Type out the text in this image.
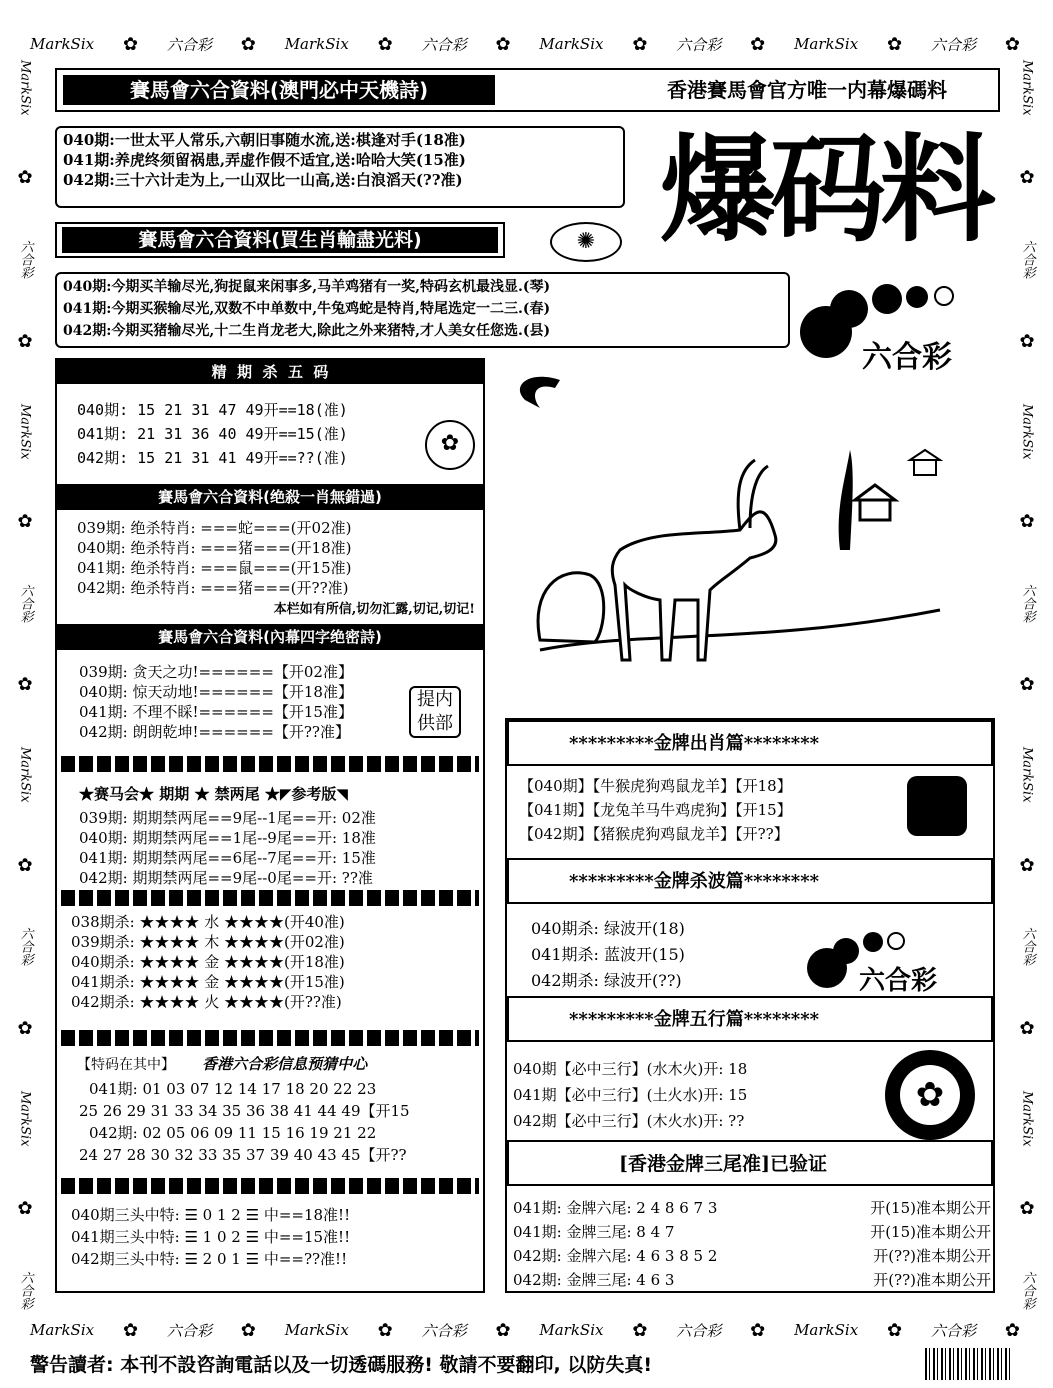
MarkSix ✿ 六合彩 ✿ MarkSix ✿ 六合彩 ✿ MarkSix ✿ 六合彩 ✿ MarkSix ✿ 六合彩 ✿
MarkSix ✿ 六合彩 ✿ MarkSix ✿ 六合彩 ✿ MarkSix ✿ 六合彩 ✿ MarkSix ✿ 六合彩 ✿
MarkSix
✿
六合彩
✿
MarkSix
✿
六合彩
✿
MarkSix
✿
六合彩
✿
MarkSix
✿
六合彩
MarkSix
✿
六合彩
✿
MarkSix
✿
六合彩
✿
MarkSix
✿
六合彩
✿
MarkSix
✿
六合彩
賽馬會六合資料(澳門必中天機詩)	香港賽馬會官方唯一内幕爆碼料
040期:一世太平人常乐,六朝旧事随水流,送:棋逢对手(18准)
041期:养虎终须留祸患,弄虚作假不适宜,送:哈哈大笑(15准)
042期:三十六计走为上,一山双比一山高,送:白浪滔天(??准)	爆码料
賽馬會六合資料(買生肖輸盡光料)	✺
040期:今期买羊输尽光,狗捉鼠来闲事多,马羊鸡猪有一奖,特码玄机最浅显.(琴)
041期:今期买猴输尽光,双数不中单数中,牛兔鸡蛇是特肖,特尾选定一二三.(春)
042期:今期买猪输尽光,十二生肖龙老大,除此之外来猪特,才人美女任您选.(县)
六合彩
精  期  杀  五  码
040期: 15 21 31 47 49开==18(准)
041期: 21 31 36 40 49开==15(准)
042期: 15 21 31 41 49开==??(准)
✿
賽馬會六合資料(绝殺一肖無錯過)
039期: 绝杀特肖: ===蛇===(开02准)
040期: 绝杀特肖: ===猪===(开18准)
041期: 绝杀特肖: ===鼠===(开15准)
042期: 绝杀特肖: ===猪===(开??准)
本栏如有所信,切勿汇露,切记,切记!
賽馬會六合資料(內幕四字绝密詩)
039期: 贪天之功!======【开02准】
040期: 惊天动地!======【开18准】
041期: 不理不睬!======【开15准】
042期: 朗朗乾坤!======【开??准】
提内
供部
★赛马会★ 期期 ★ 禁两尾 ★◤参考版◥
039期: 期期禁两尾==9尾--1尾==开: 02准
040期: 期期禁两尾==1尾--9尾==开: 18准
041期: 期期禁两尾==6尾--7尾==开: 15准
042期: 期期禁两尾==9尾--0尾==开: ??准
038期杀: ★★★★ 水 ★★★★(开40准)
039期杀: ★★★★ 木 ★★★★(开02准)
040期杀: ★★★★ 金 ★★★★(开18准)
041期杀: ★★★★ 金 ★★★★(开15准)
042期杀: ★★★★ 火 ★★★★(开??准)
【特码在其中】 香港六合彩信息预猜中心
041期: 01 03 07 12 14 17 18 20 22 23
25 26 29 31 33 34 35 36 38 41 44 49【开15
042期: 02 05 06 09 11 15 16 19 21 22
24 27 28 30 32 33 35 37 39 40 43 45【开??
040期三头中特: ☰ 0 1 2 ☰ 中==18准!!
041期三头中特: ☰ 1 0 2 ☰ 中==15准!!
042期三头中特: ☰ 2 0 1 ☰ 中==??准!!
*********金牌出肖篇********
【040期】【牛猴虎狗鸡鼠龙羊】【开18】
【041期】【龙兔羊马牛鸡虎狗】【开15】
【042期】【猪猴虎狗鸡鼠龙羊】【开??】
*********金牌杀波篇********
040期杀: 绿波开(18)
041期杀: 蓝波开(15)
042期杀: 绿波开(??)	六合彩
*********金牌五行篇********
040期【必中三行】(水木火)开: 18
041期【必中三行】(土火水)开: 15
042期【必中三行】(木火水)开: ??
✿
[香港金牌三尾准]已验证
041期: 金牌六尾: 2 4 8 6 7 3	开(15)准本期公开
041期: 金牌三尾: 8 4 7	开(15)准本期公开
042期: 金牌六尾: 4 6 3 8 5 2	开(??)准本期公开
042期: 金牌三尾: 4 6 3	开(??)准本期公开
警告讀者: 本刊不設咨詢電話以及一切透碼服務! 敬請不要翻印, 以防失真!
